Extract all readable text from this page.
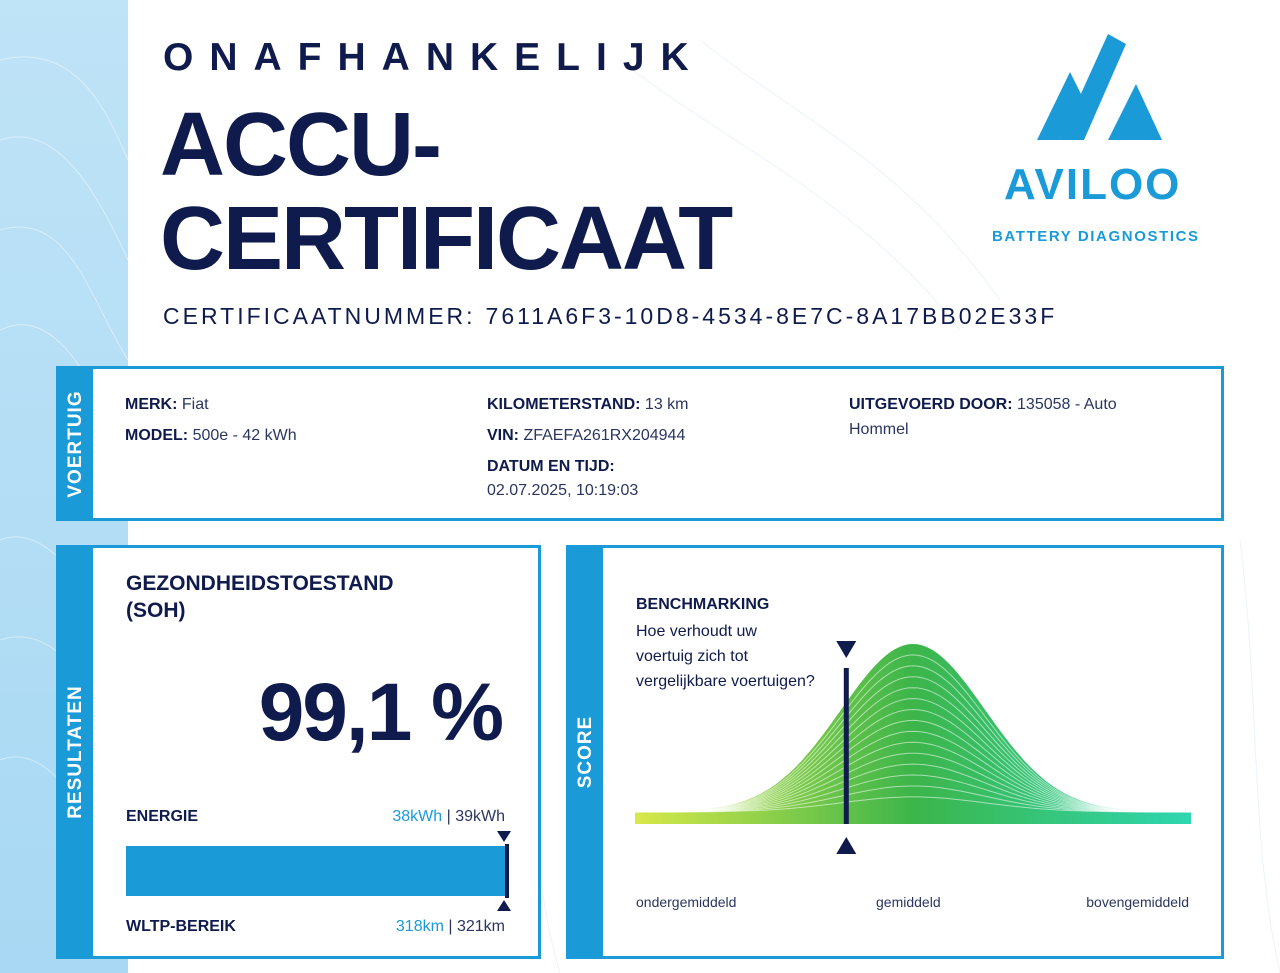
ONAFHANKELIJK
ACCU-
CERTIFICAAT
CERTIFICAATNUMMER: 7611A6F3-10D8-4534-8E7C-8A17BB02E33F
AVILOO
BATTERY DIAGNOSTICS
VOERTUIG MERK: Fiat
MODEL: 500e - 42 kWh
KILOMETERSTAND: 13 km
VIN: ZFAEFA261RX204944
DATUM EN TIJD:
02.07.2025, 10:19:03
UITGEVOERD DOOR: 135058 - Auto
Hommel
RESULTATEN
GEZONDHEIDSTOESTAND
(SOH)
99,1 %
ENERGIE	38kWh | 39kWh
WLTP-BEREIK	318km | 321km
SCORE
BENCHMARKING
Hoe verhoudt uw
voertuig zich tot
vergelijkbare voertuigen?
ondergemiddeld	gemiddeld	bovengemiddeld
